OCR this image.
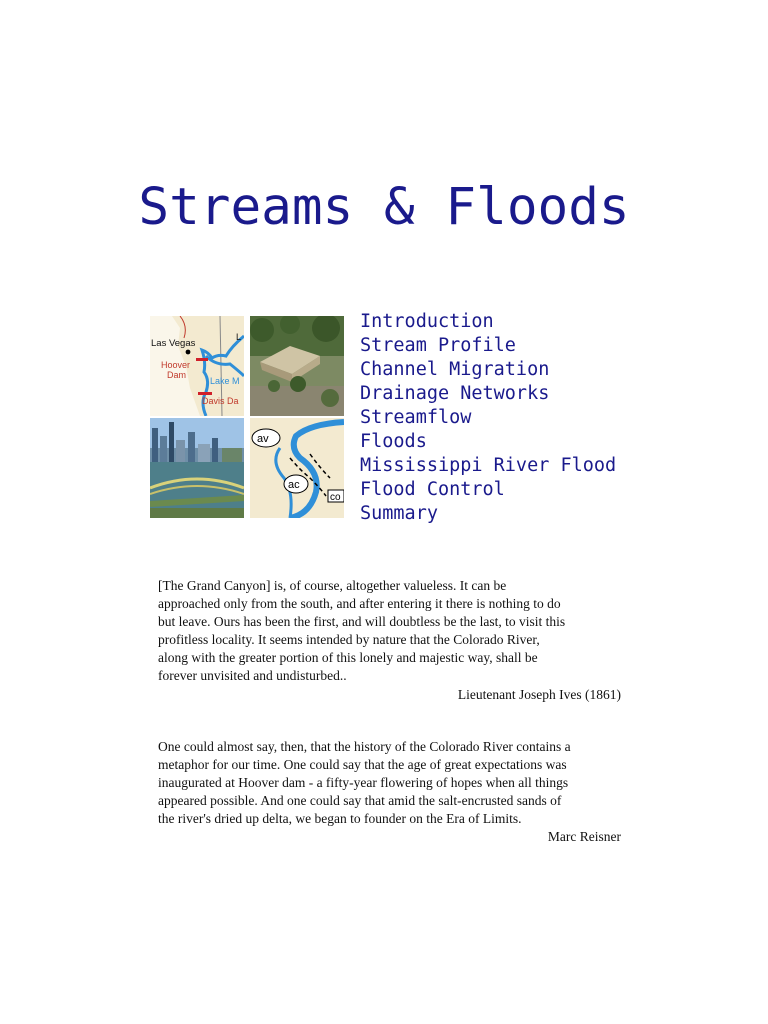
Streams & Floods
Las Vegas
Hoover
Dam
Lake M
Davis Da
L
av
ac
co
Introduction
Stream Profile
Channel Migration
Drainage Networks
Streamflow
Floods
Mississippi River Flood
Flood Control
Summary
[The Grand Canyon] is, of course, altogether valueless. It can be
approached only from the south, and after entering it there is nothing to do
but leave. Ours has been the first, and will doubtless be the last, to visit this
profitless locality. It seems intended by nature that the Colorado River,
along with the greater portion of this lonely and majestic way, shall be
forever unvisited and undisturbed..
Lieutenant Joseph Ives (1861)
One could almost say, then, that the history of the Colorado River contains a
metaphor for our time. One could say that the age of great expectations was
inaugurated at Hoover dam - a fifty-year flowering of hopes when all things
appeared possible. And one could say that amid the salt-encrusted sands of
the river's dried up delta, we began to founder on the Era of Limits.
Marc Reisner
